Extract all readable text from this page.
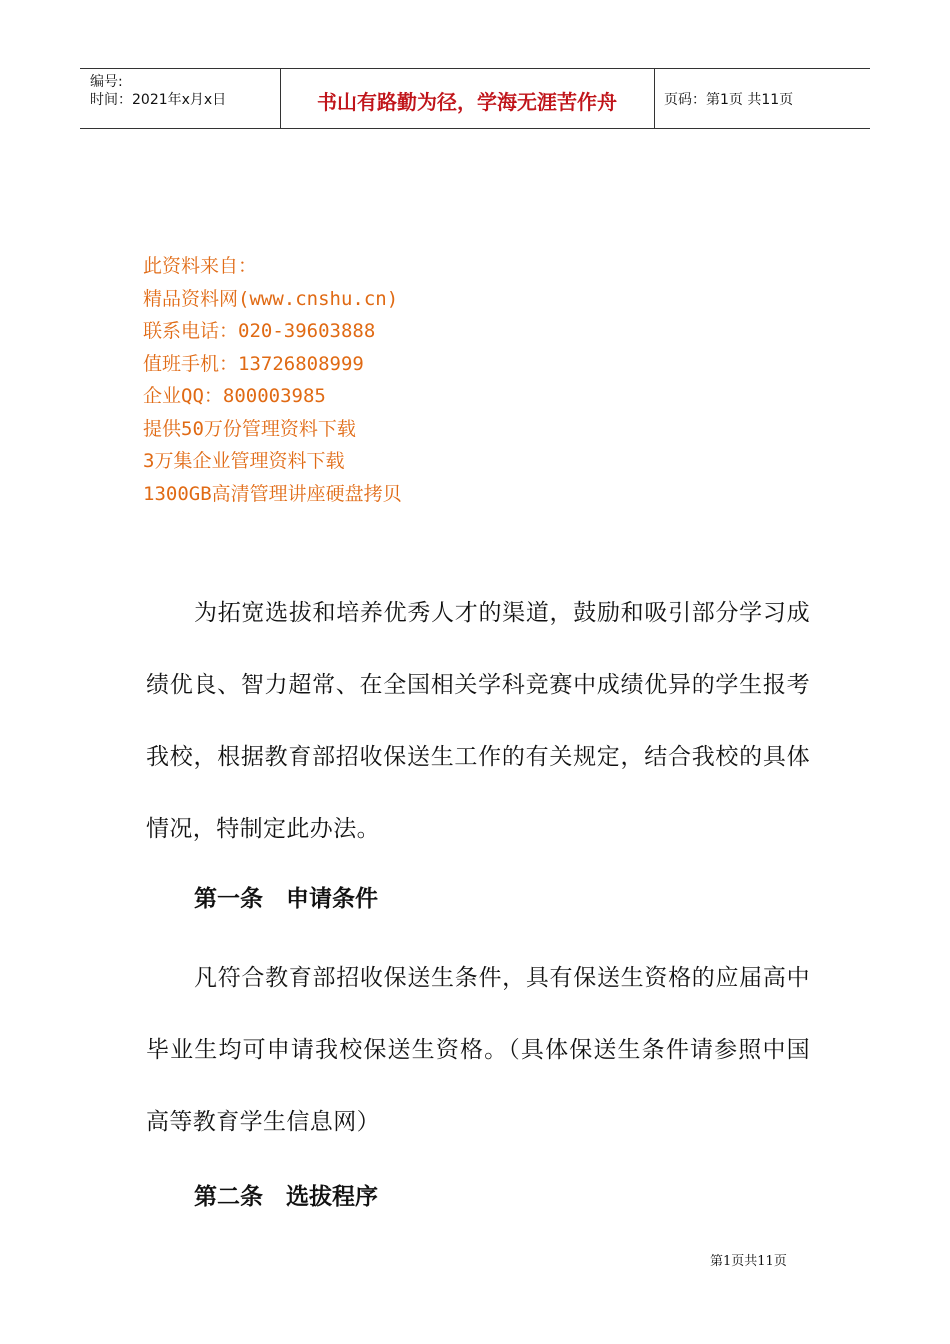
编号:
时间：2021年x月x日	书山有路勤为径，学海无涯苦作舟	页码：第1页 共11页
此资料来自：
精品资料网(www.cnshu.cn)
联系电话：020-39603888
值班手机：13726808999
企业QQ：800003985
提供50万份管理资料下载
3万集企业管理资料下载
1300GB高清管理讲座硬盘拷贝

为拓宽选拔和培养优秀人才的渠道，鼓励和吸引部分学习成绩优良、智力超常、在全国相关学科竞赛中成绩优异的学生报考我校，根据教育部招收保送生工作的有关规定，结合我校的具体情况，特制定此办法。

第一条　申请条件

凡符合教育部招收保送生条件，具有保送生资格的应届高中毕业生均可申请我校保送生资格。（具体保送生条件请参照中国高等教育学生信息网）

第二条　选拔程序
第1页共11页
